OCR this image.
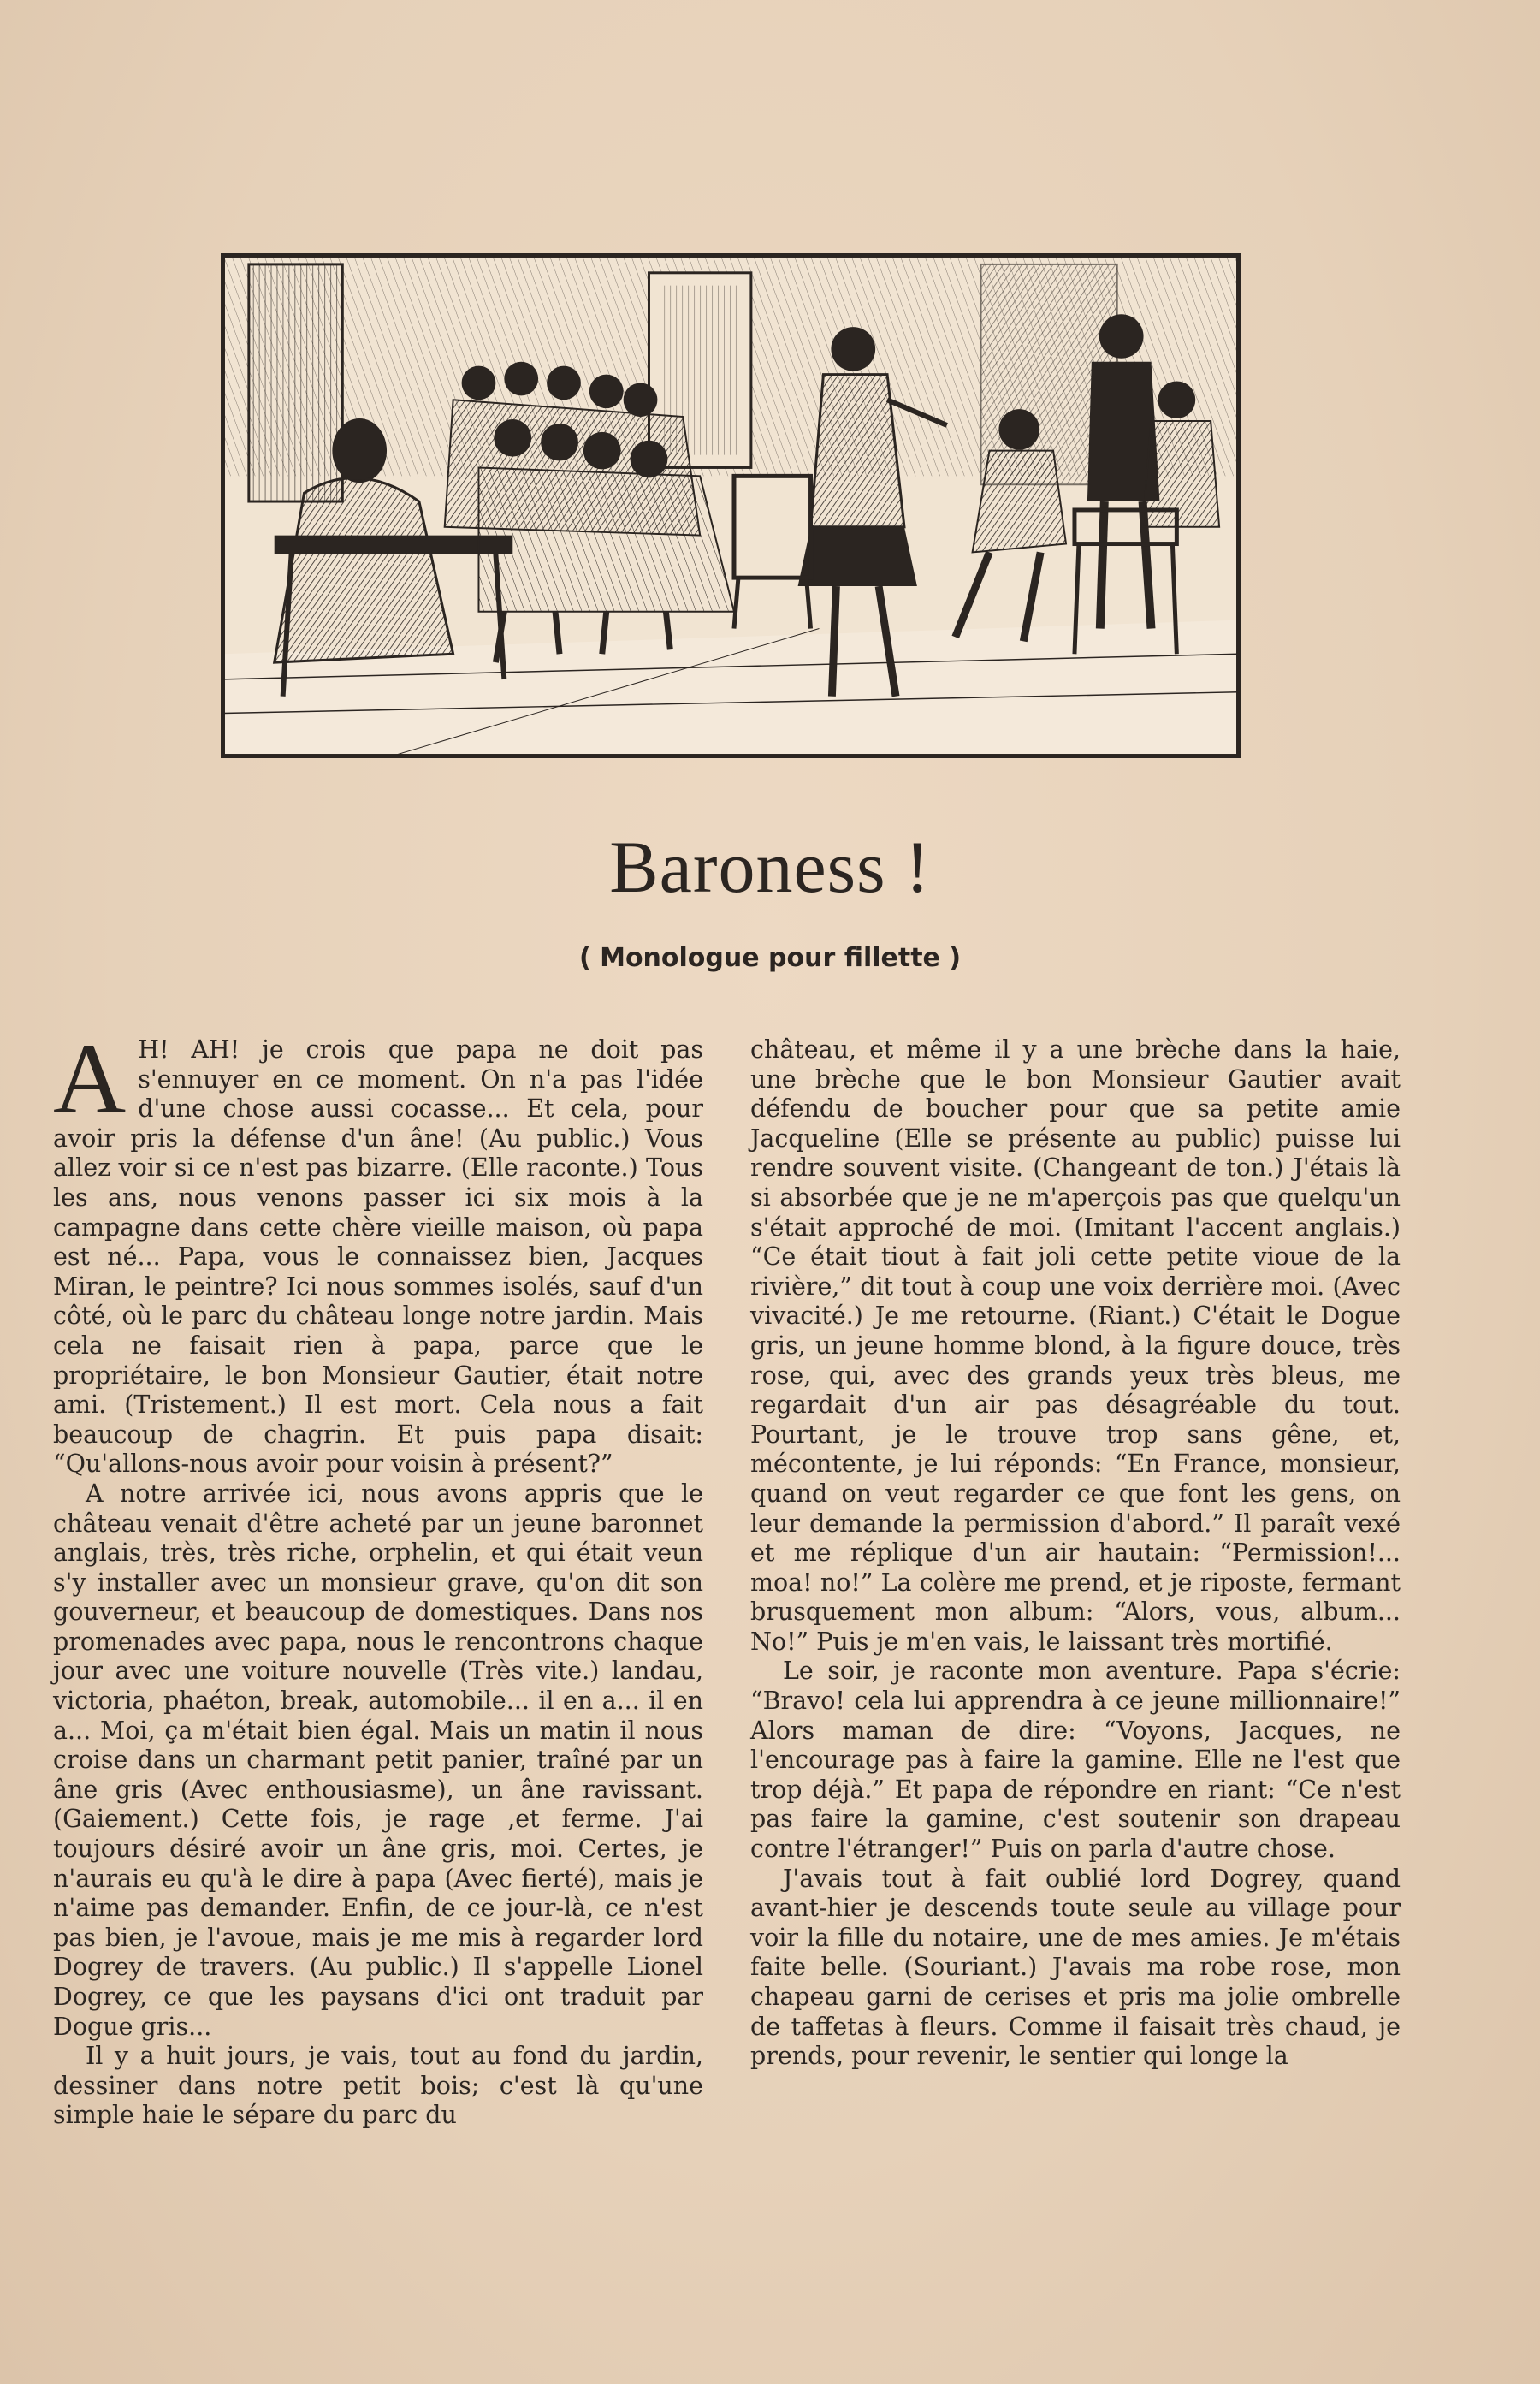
Baroness !
( Monologue pour fillette )

A H! AH! je crois que papa ne doit pas s'ennuyer en ce moment. On n'a pas l'idée d'une chose aussi cocasse... Et cela, pour avoir pris la défense d'un âne! (Au public.) Vous allez voir si ce n'est pas bizarre. (Elle raconte.) Tous les ans, nous venons passer ici six mois à la campagne dans cette chère vieille maison, où papa est né... Papa, vous le connaissez bien, Jacques Miran, le peintre? Ici nous sommes isolés, sauf d'un côté, où le parc du château longe notre jardin. Mais cela ne faisait rien à papa, parce que le propriétaire, le bon Monsieur Gautier, était notre ami. (Tristement.) Il est mort. Cela nous a fait beaucoup de chagrin. Et puis papa disait: “Qu'allons-nous avoir pour voisin à présent?”

A notre arrivée ici, nous avons appris que le château venait d'être acheté par un jeune baronnet anglais, très, très riche, orphelin, et qui était veun s'y installer avec un monsieur grave, qu'on dit son gouverneur, et beaucoup de domestiques. Dans nos promenades avec papa, nous le rencontrons chaque jour avec une voiture nouvelle (Très vite.) landau, victoria, phaéton, break, automobile... il en a... il en a... Moi, ça m'était bien égal. Mais un matin il nous croise dans un charmant petit panier, traîné par un âne gris (Avec enthousiasme), un âne ravissant. (Gaiement.) Cette fois, je rage ,et ferme. J'ai toujours désiré avoir un âne gris, moi. Certes, je n'aurais eu qu'à le dire à papa (Avec fierté), mais je n'aime pas demander. Enfin, de ce jour-là, ce n'est pas bien, je l'avoue, mais je me mis à regarder lord Dogrey de travers. (Au public.) Il s'appelle Lionel Dogrey, ce que les paysans d'ici ont traduit par Dogue gris...

Il y a huit jours, je vais, tout au fond du jardin, dessiner dans notre petit bois; c'est là qu'une simple haie le sépare du parc du

château, et même il y a une brèche dans la haie, une brèche que le bon Monsieur Gautier avait défendu de boucher pour que sa petite amie Jacqueline (Elle se présente au public) puisse lui rendre souvent visite. (Changeant de ton.) J'étais là si absorbée que je ne m'aperçois pas que quelqu'un s'était approché de moi. (Imitant l'accent anglais.) “Ce était tiout à fait joli cette petite vioue de la rivière,” dit tout à coup une voix derrière moi. (Avec vivacité.) Je me retourne. (Riant.) C'était le Dogue gris, un jeune homme blond, à la figure douce, très rose, qui, avec des grands yeux très bleus, me regardait d'un air pas désagréable du tout. Pourtant, je le trouve trop sans gêne, et, mécontente, je lui réponds: “En France, monsieur, quand on veut regarder ce que font les gens, on leur demande la permission d'abord.” Il paraît vexé et me réplique d'un air hautain: “Permission!... moa! no!” La colère me prend, et je riposte, fermant brusquement mon album: “Alors, vous, album... No!” Puis je m'en vais, le laissant très mortifié.

Le soir, je raconte mon aventure. Papa s'écrie: “Bravo! cela lui apprendra à ce jeune millionnaire!” Alors maman de dire: “Voyons, Jacques, ne l'encourage pas à faire la gamine. Elle ne l'est que trop déjà.” Et papa de répondre en riant: “Ce n'est pas faire la gamine, c'est soutenir son drapeau contre l'étranger!” Puis on parla d'autre chose.

J'avais tout à fait oublié lord Dogrey, quand avant-hier je descends toute seule au village pour voir la fille du notaire, une de mes amies. Je m'étais faite belle. (Souriant.) J'avais ma robe rose, mon chapeau garni de cerises et pris ma jolie ombrelle de taffetas à fleurs. Comme il faisait très chaud, je prends, pour revenir, le sentier qui longe la
